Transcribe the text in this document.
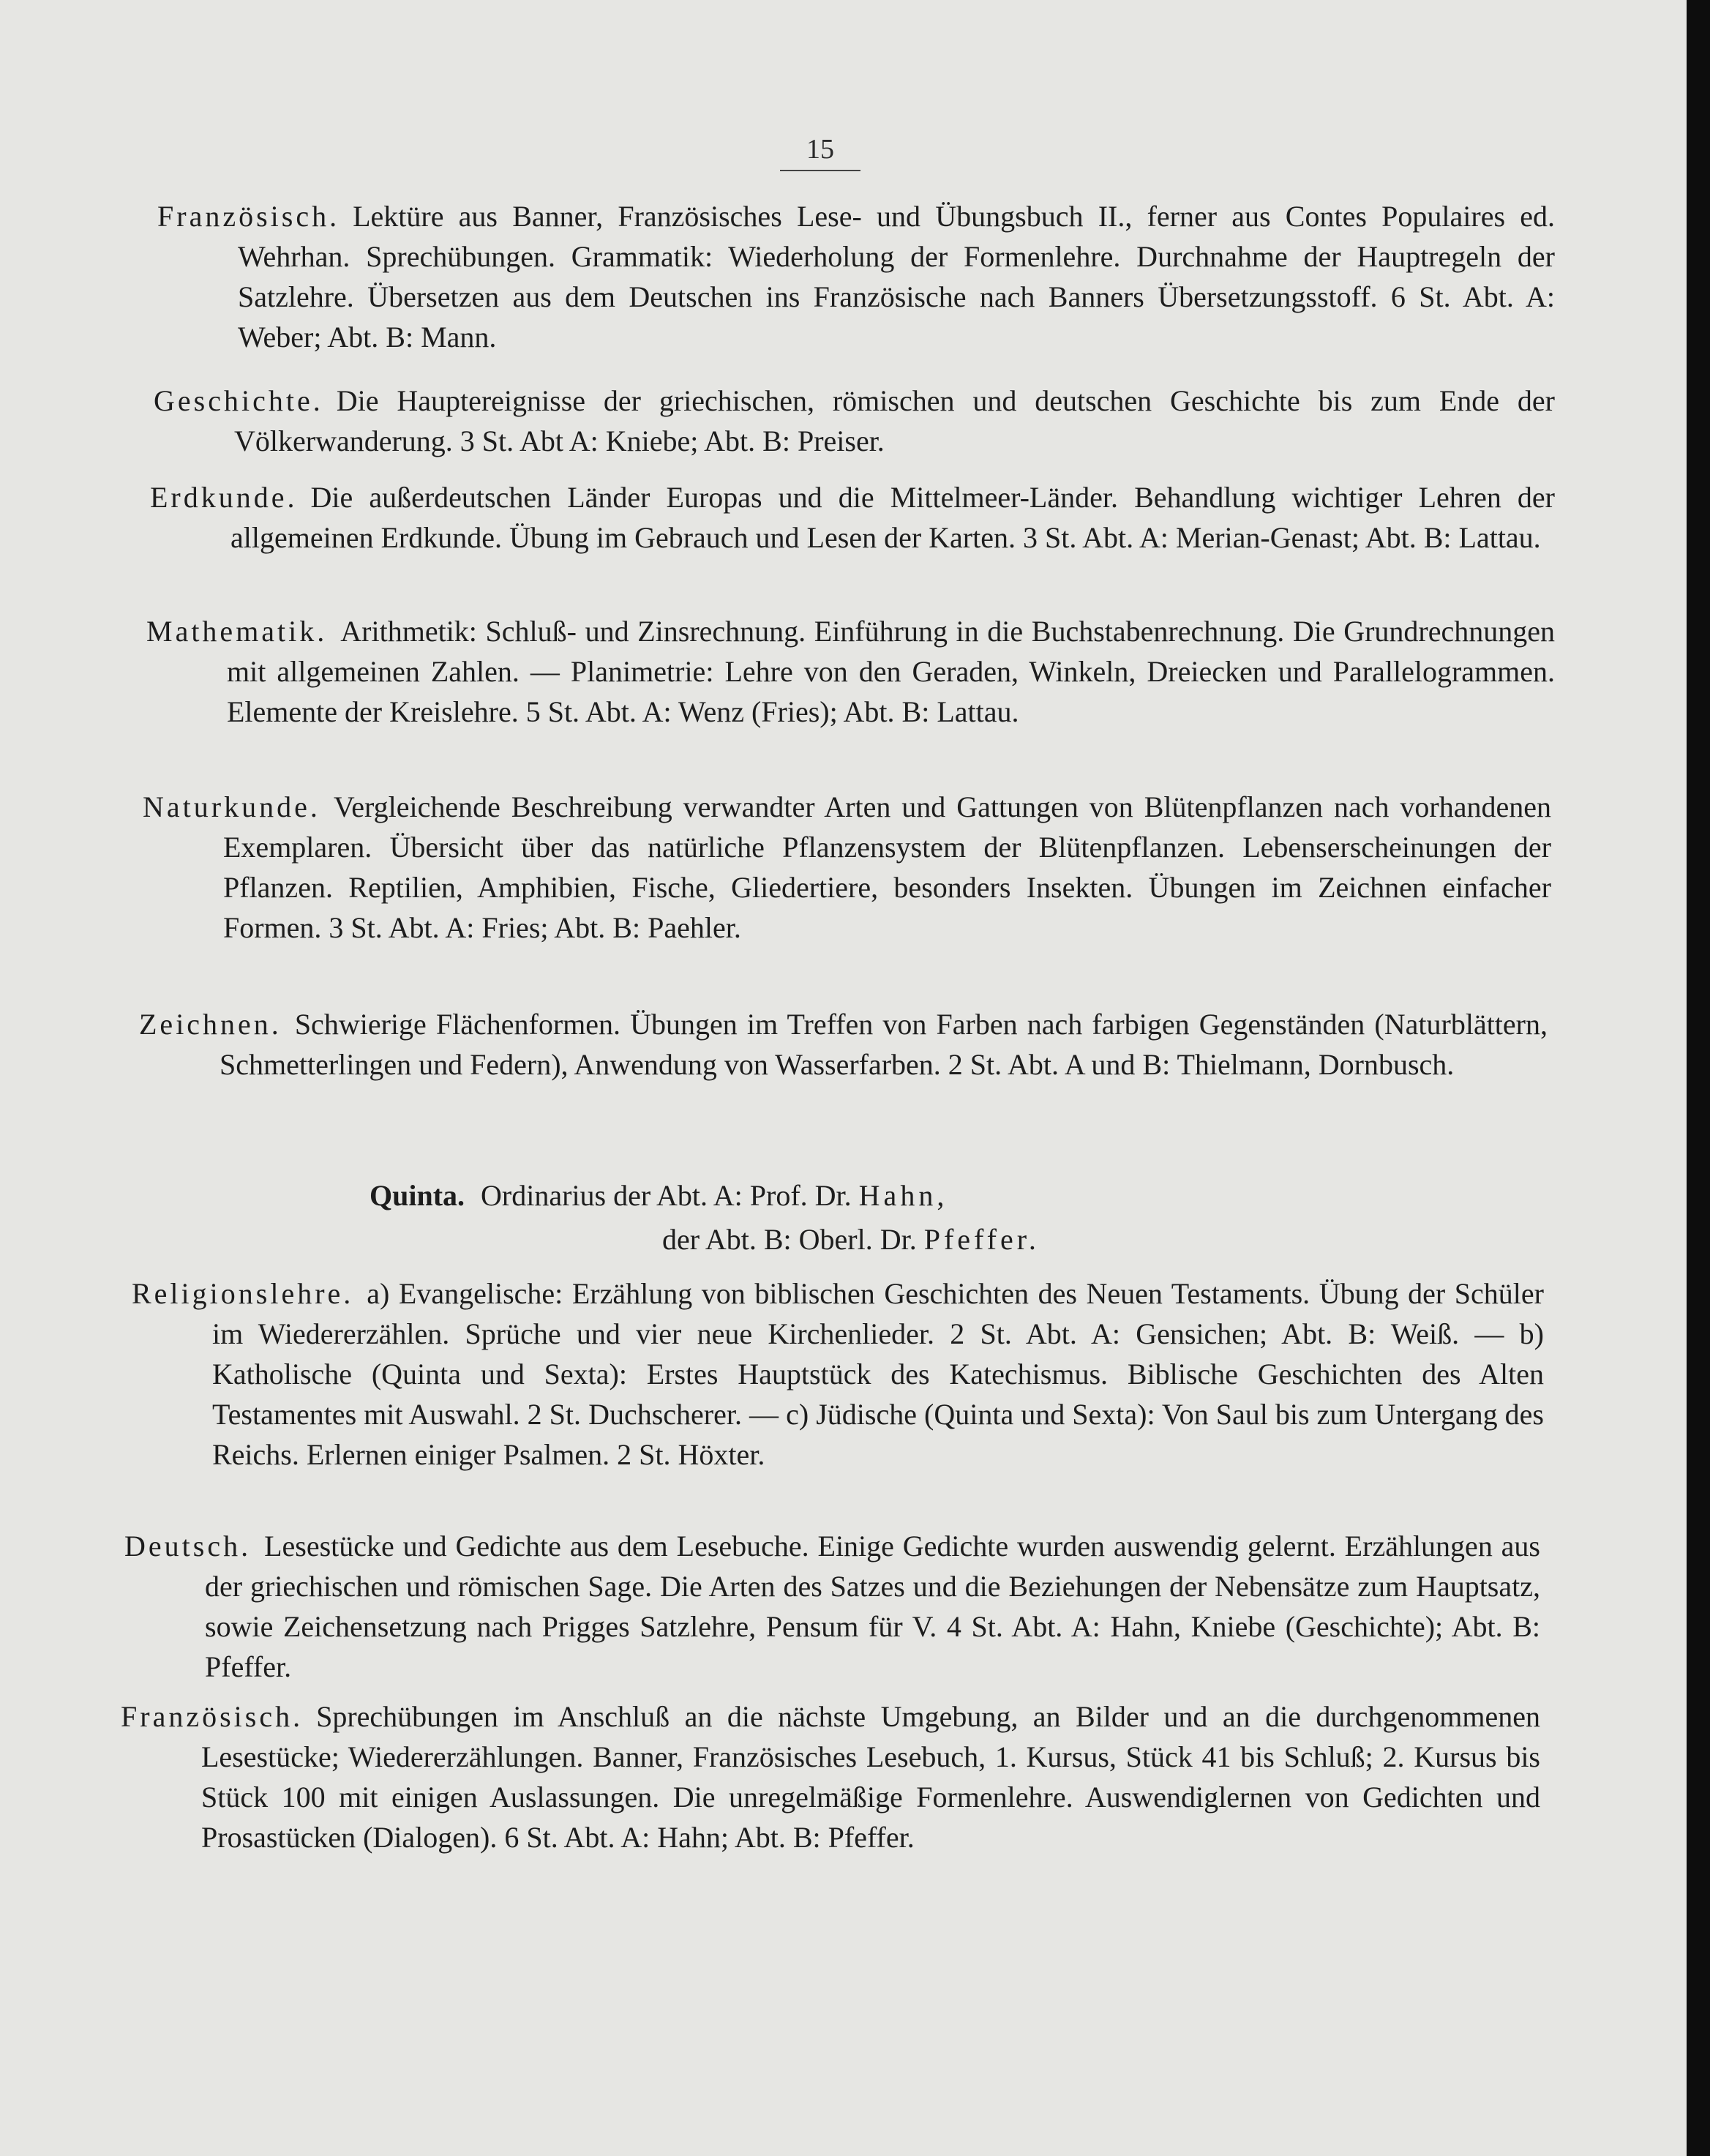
15
Französisch. Lektüre aus Banner, Französisches Lese- und Übungsbuch II., ferner aus Contes Populaires ed. Wehrhan. Sprechübungen. Grammatik: Wiederholung der Formenlehre. Durchnahme der Hauptregeln der Satzlehre. Übersetzen aus dem Deutschen ins Französische nach Banners Übersetzungsstoff. 6 St. Abt. A: Weber; Abt. B: Mann.
Geschichte. Die Hauptereignisse der griechischen, römischen und deutschen Geschichte bis zum Ende der Völkerwanderung. 3 St. Abt A: Kniebe; Abt. B: Preiser.
Erdkunde. Die außerdeutschen Länder Europas und die Mittelmeer-Länder. Behandlung wichtiger Lehren der allgemeinen Erdkunde. Übung im Gebrauch und Lesen der Karten. 3 St. Abt. A: Merian-Genast; Abt. B: Lattau.
Mathematik. Arithmetik: Schluß- und Zinsrechnung. Einführung in die Buchstabenrechnung. Die Grundrechnungen mit allgemeinen Zahlen. — Planimetrie: Lehre von den Geraden, Winkeln, Dreiecken und Parallelogrammen. Elemente der Kreislehre. 5 St. Abt. A: Wenz (Fries); Abt. B: Lattau.
Naturkunde. Vergleichende Beschreibung verwandter Arten und Gattungen von Blütenpflanzen nach vorhandenen Exemplaren. Übersicht über das natürliche Pflanzensystem der Blütenpflanzen. Lebenserscheinungen der Pflanzen. Reptilien, Amphibien, Fische, Gliedertiere, besonders Insekten. Übungen im Zeichnen einfacher Formen. 3 St. Abt. A: Fries; Abt. B: Paehler.
Zeichnen. Schwierige Flächenformen. Übungen im Treffen von Farben nach farbigen Gegenständen (Naturblättern, Schmetterlingen und Federn), Anwendung von Wasserfarben. 2 St. Abt. A und B: Thielmann, Dornbusch.
Quinta. Ordinarius der Abt. A: Prof. Dr. Hahn,
der Abt. B: Oberl. Dr. Pfeffer.
Religionslehre. a) Evangelische: Erzählung von biblischen Geschichten des Neuen Testaments. Übung der Schüler im Wiedererzählen. Sprüche und vier neue Kirchenlieder. 2 St. Abt. A: Gensichen; Abt. B: Weiß. — b) Katholische (Quinta und Sexta): Erstes Hauptstück des Katechismus. Biblische Geschichten des Alten Testamentes mit Auswahl. 2 St. Duchscherer. — c) Jüdische (Quinta und Sexta): Von Saul bis zum Untergang des Reichs. Erlernen einiger Psalmen. 2 St. Höxter.
Deutsch. Lesestücke und Gedichte aus dem Lesebuche. Einige Gedichte wurden auswendig gelernt. Erzählungen aus der griechischen und römischen Sage. Die Arten des Satzes und die Beziehungen der Nebensätze zum Hauptsatz, sowie Zeichensetzung nach Prigges Satzlehre, Pensum für V. 4 St. Abt. A: Hahn, Kniebe (Geschichte); Abt. B: Pfeffer.
Französisch. Sprechübungen im Anschluß an die nächste Umgebung, an Bilder und an die durchgenommenen Lesestücke; Wiedererzählungen. Banner, Französisches Lesebuch, 1. Kursus, Stück 41 bis Schluß; 2. Kursus bis Stück 100 mit einigen Auslassungen. Die unregelmäßige Formenlehre. Auswendiglernen von Gedichten und Prosastücken (Dialogen). 6 St. Abt. A: Hahn; Abt. B: Pfeffer.
